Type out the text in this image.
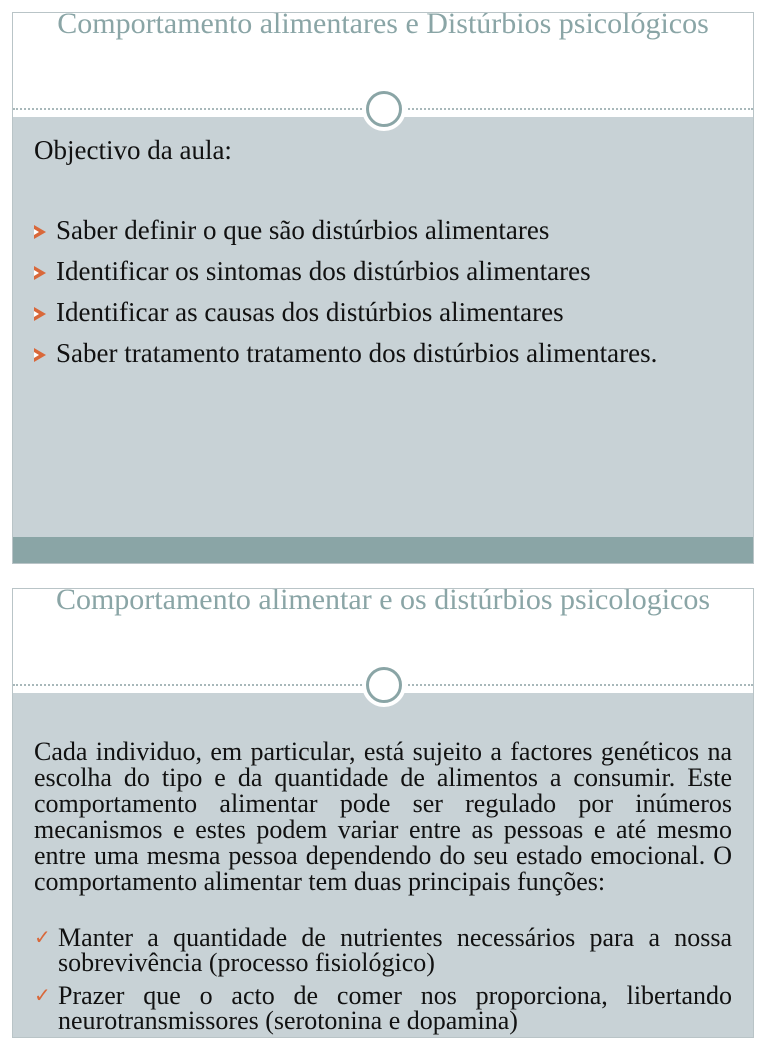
Comportamento alimentares e Distúrbios psicológicos
Objectivo da aula:
Saber definir o que são distúrbios alimentares
Identificar os sintomas dos distúrbios alimentares
Identificar as causas dos distúrbios alimentares
Saber tratamento tratamento dos distúrbios alimentares.
Comportamento alimentar e os distúrbios psicologicos

Cada individuo, em particular, está sujeito a factores genéticos na escolha do tipo e da quantidade de alimentos a consumir. Este comportamento alimentar pode ser regulado por inúmeros mecanismos e estes podem variar entre as pessoas e até mesmo entre uma mesma pessoa dependendo do seu estado emocional. O comportamento alimentar tem duas principais funções:

✓ Manter a quantidade de nutrientes necessários para a nossa sobrevivência (processo fisiológico)
✓ Prazer que o acto de comer nos proporciona, libertando neurotransmissores (serotonina e dopamina)
